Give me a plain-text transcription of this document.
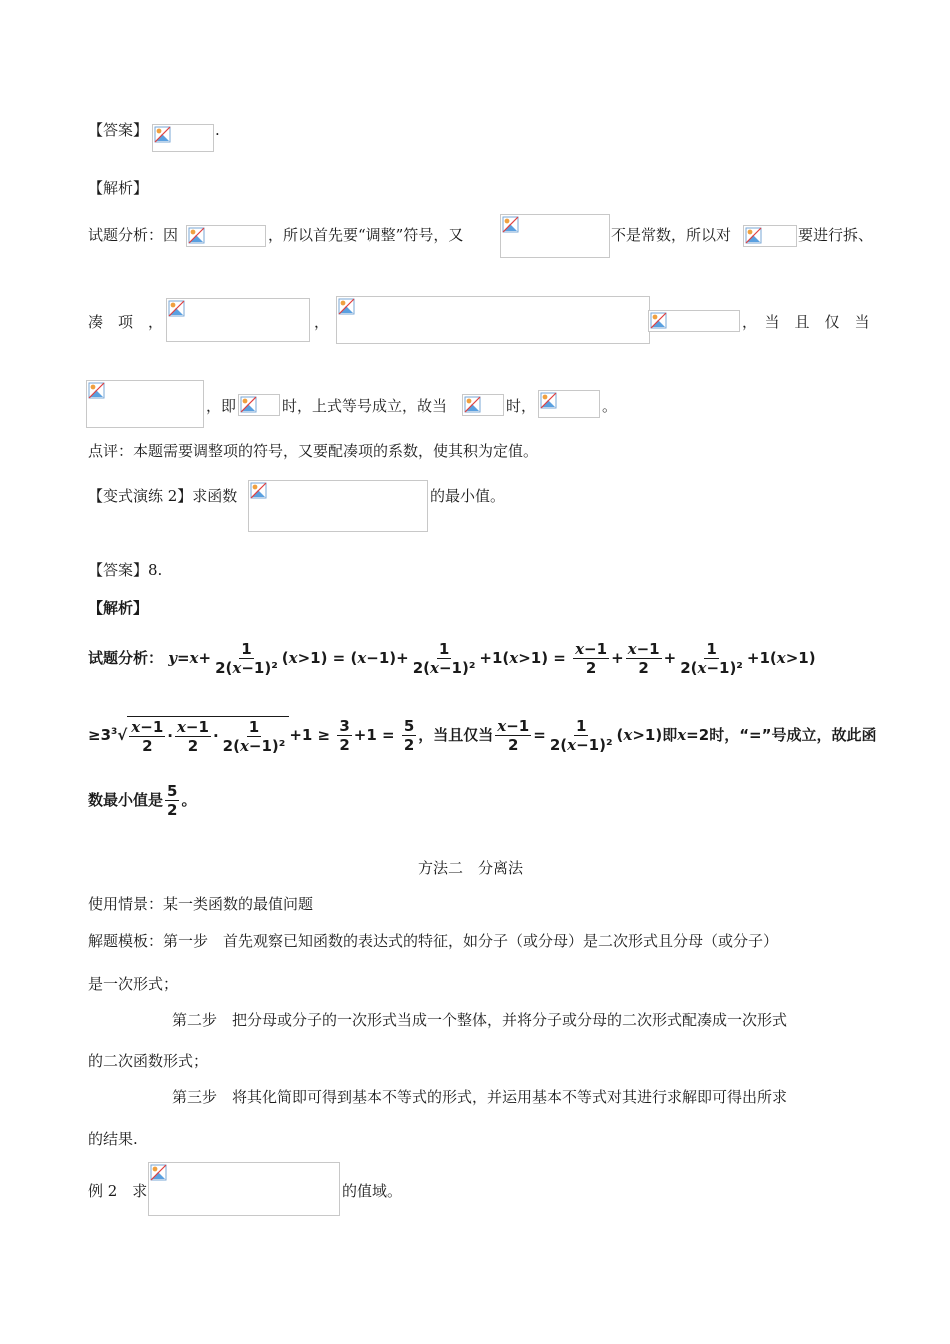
【答案】	.
【解析】
试题分析：因	，所以首先要“调整”符号，又	不是常数，所以对	要进行拆、
凑　项　，	，	，　当　且　仅　当
，即	时，上式等号成立，故当	时，	。
点评：本题需要调整项的符号，又要配凑项的系数，使其积为定值。
【变式演练 2】求函数	的最小值。
【答案】8.
【解析】
试题分析： $y=x+ \frac{1}{\text{2(x−1)²}} (x>1) = (x-1)+ \frac{1}{\text{2(x−1)²}} +1(x>1) = \frac{x-1}{2} + \frac{x-1}{2} + \frac{1}{\text{2(x−1)²}} +1(x>1)$
$\ge 3^3√ \frac{x-1}{2} \cdot \frac{x-1}{2} \cdot \frac{1}{\text{2(x−1)²}} +1 \ge \frac{3}{2} +1 = \frac{5}{2}$ ，当且仅当 $\frac{x-1}{2} = \frac{1}{\text{2(x−1)²}} (x>1)$即x=2时，“=”号成立，故此函
数最小值是 $\frac{5}{2}$ 。
方法二　分离法
使用情景：某一类函数的最值问题
解题模板：第一步　首先观察已知函数的表达式的特征，如分子（或分母）是二次形式且分母（或分子）
是一次形式；
第二步　把分母或分子的一次形式当成一个整体，并将分子或分母的二次形式配凑成一次形式
的二次函数形式；
第三步　将其化简即可得到基本不等式的形式，并运用基本不等式对其进行求解即可得出所求
的结果.
例 2　求	的值域。
